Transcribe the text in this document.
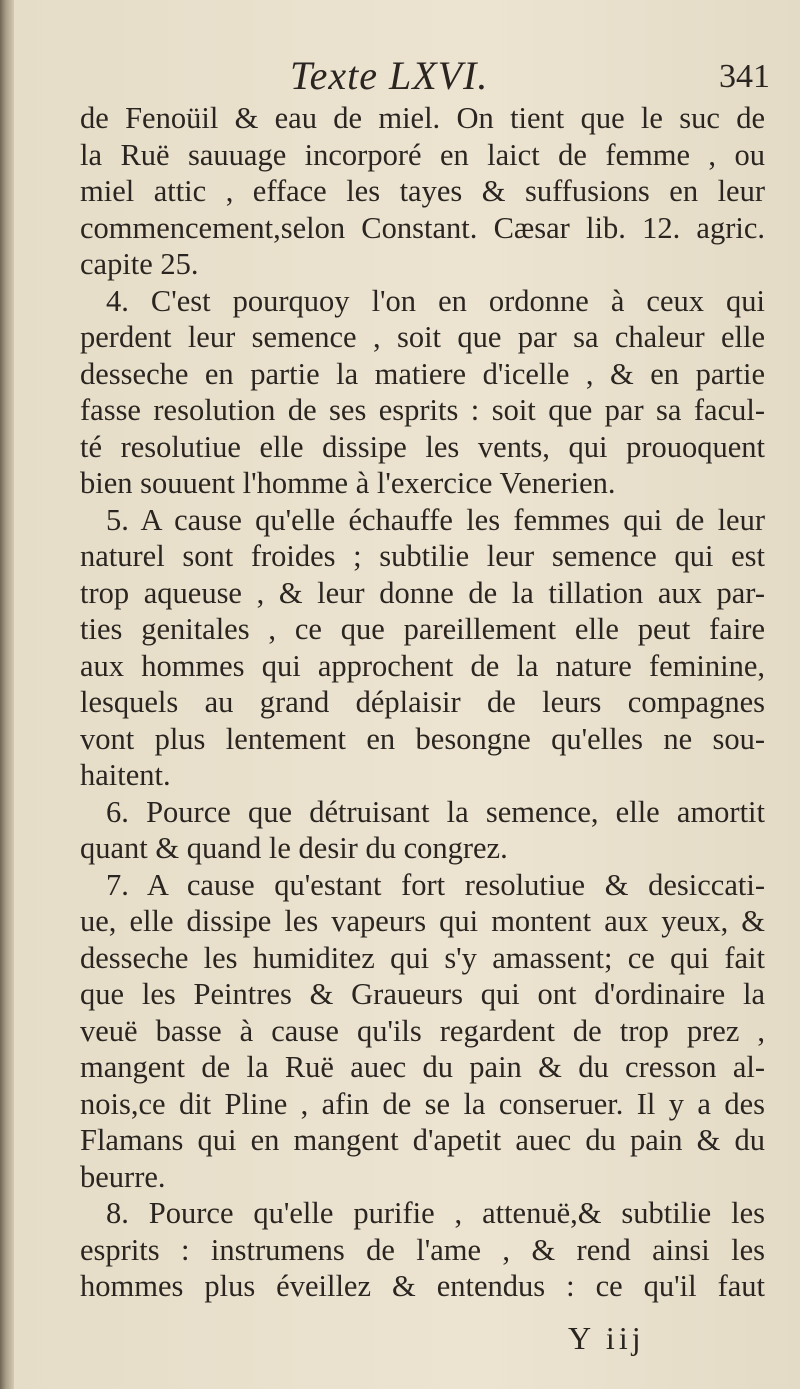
Texte LXVI.	341
de Fenoüil & eau de miel. On tient que le suc de
la Ruë sauuage incorporé en laict de femme , ou
miel attic , efface les tayes & suffusions en leur
commencement,selon Constant. Cæsar lib. 12. agric.
capite 25.
4. C'est pourquoy l'on en ordonne à ceux qui
perdent leur semence , soit que par sa chaleur elle
desseche en partie la matiere d'icelle , & en partie
fasse resolution de ses esprits : soit que par sa facul-
té resolutiue elle dissipe les vents, qui prouoquent
bien souuent l'homme à l'exercice Venerien.
5. A cause qu'elle échauffe les femmes qui de leur
naturel sont froides ; subtilie leur semence qui est
trop aqueuse , & leur donne de la tillation aux par-
ties genitales , ce que pareillement elle peut faire
aux hommes qui approchent de la nature feminine,
lesquels au grand déplaisir de leurs compagnes
vont plus lentement en besongne qu'elles ne sou-
haitent.
6. Pource que détruisant la semence, elle amortit
quant & quand le desir du congrez.
7. A cause qu'estant fort resolutiue & desiccati-
ue, elle dissipe les vapeurs qui montent aux yeux, &
desseche les humiditez qui s'y amassent; ce qui fait
que les Peintres & Graueurs qui ont d'ordinaire la
veuë basse à cause qu'ils regardent de trop prez ,
mangent de la Ruë auec du pain & du cresson al-
nois,ce dit Pline , afin de se la conseruer. Il y a des
Flamans qui en mangent d'apetit auec du pain & du
beurre.
8. Pource qu'elle purifie , attenuë,& subtilie les
esprits : instrumens de l'ame , & rend ainsi les
hommes plus éveillez & entendus : ce qu'il faut
Y iij
